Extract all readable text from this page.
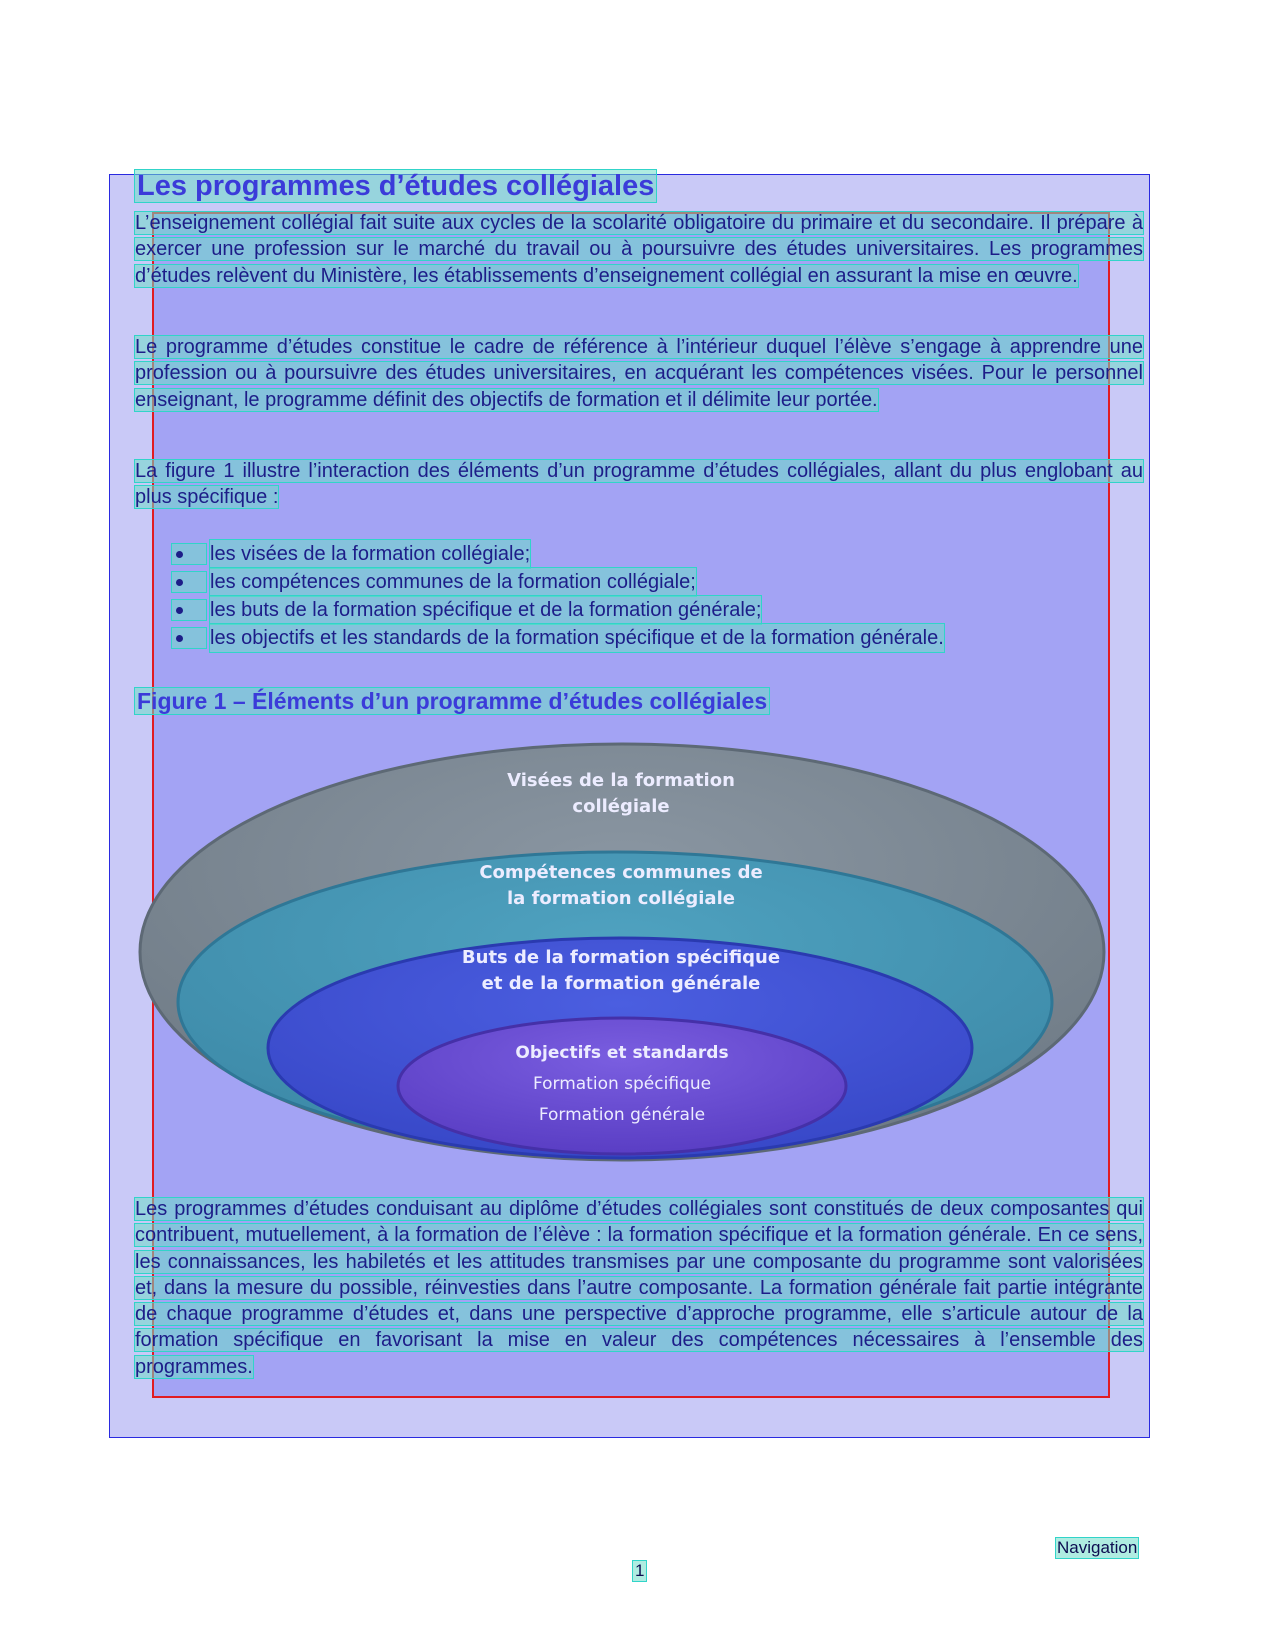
Les programmes d’études collégiales

L’enseignement collégial fait suite aux cycles de la scolarité obligatoire du primaire et du secondaire. Il prépare à exercer une profession sur le marché du travail ou à poursuivre des études universitaires. Les programmes d’études relèvent du Ministère, les établissements d’enseignement collégial en assurant la mise en œuvre.

Le programme d’études constitue le cadre de référence à l’intérieur duquel l’élève s’engage à apprendre une profession ou à poursuivre des études universitaires, en acquérant les compétences visées. Pour le personnel enseignant, le programme définit des objectifs de formation et il délimite leur portée.

La figure 1 illustre l’interaction des éléments d’un programme d’études collégiales, allant du plus englobant au plus spécifique :

les visées de la formation collégiale;
les compétences communes de la formation collégiale;
les buts de la formation spécifique et de la formation générale;
les objectifs et les standards de la formation spécifique et de la formation générale.
Figure 1 – Éléments d’un programme d’études collégiales
Visées de la formation
collégiale
Compétences communes de
la formation collégiale
Buts de la formation spécifique
et de la formation générale
Objectifs et standards
Formation spécifique
Formation générale

Les programmes d’études conduisant au diplôme d’études collégiales sont constitués de deux composantes qui contribuent, mutuellement, à la formation de l’élève : la formation spécifique et la formation générale. En ce sens, les connaissances, les habiletés et les attitudes transmises par une composante du programme sont valorisées et, dans la mesure du possible, réinvesties dans l’autre composante. La formation générale fait partie intégrante de chaque programme d’études et, dans une perspective d’approche programme, elle s’articule autour de la formation spécifique en favorisant la mise en valeur des compétences nécessaires à l’ensemble des programmes.

Navigation
1
